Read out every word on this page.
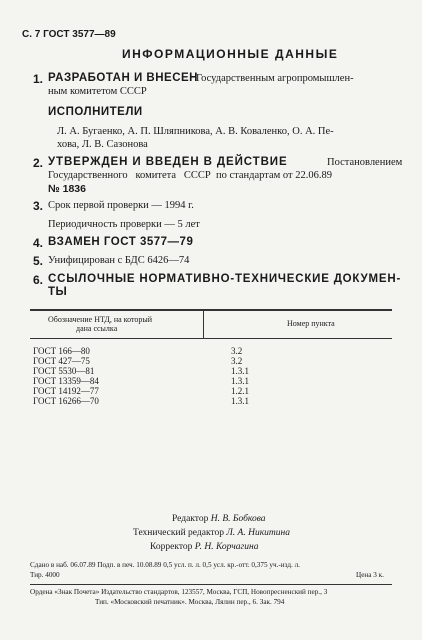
С. 7 ГОСТ 3577—89
ИНФОРМАЦИОННЫЕ ДАННЫЕ
1. РАЗРАБОТАН И ВНЕСЕН
Государственным агропромышлен-
ным комитетом СССР
ИСПОЛНИТЕЛИ
Л. А. Бугаенко, А. П. Шляпникова, А. В. Коваленко, О. А. Пе-
хова, Л. В. Сазонова
2. УТВЕРЖДЕН И ВВЕДЕН В ДЕЙСТВИЕ	Постановлением
Государственного   комитета   СССР  по стандартам от 22.06.89
№ 1836
3. Срок первой проверки — 1994 г.
Периодичность проверки — 5 лет
4. ВЗАМЕН ГОСТ 3577—79
5. Унифицирован с БДС 6426—74
6. ССЫЛОЧНЫЕ НОРМАТИВНО-ТЕХНИЧЕСКИЕ ДОКУМЕН-
ТЫ
Обозначение НТД, на который
дана ссылка
Номер пункта
ГОСТ 166—80
ГОСТ 427—75
ГОСТ 5530—81
ГОСТ 13359—84
ГОСТ 14192—77
ГОСТ 16266—70
3.2
3.2
1.3.1
1.3.1
1.2.1
1.3.1
Редактор Н. В. Бобкова
Технический редактор Л. А. Никитина
Корректор Р. Н. Корчагина
Сдано в наб. 06.07.89 Подп. в печ. 10.08.89 0,5 усл. п. л. 0,5 усл. кр.-отт. 0,375 уч.-изд. л.
Тир. 4000	Цена 3 к.
Ордена «Знак Почета» Издательство стандартов, 123557, Москва, ГСП, Новопресненский пер., 3
Тип. «Московский печатник». Москва, Лялин пер., 6. Зак. 794
